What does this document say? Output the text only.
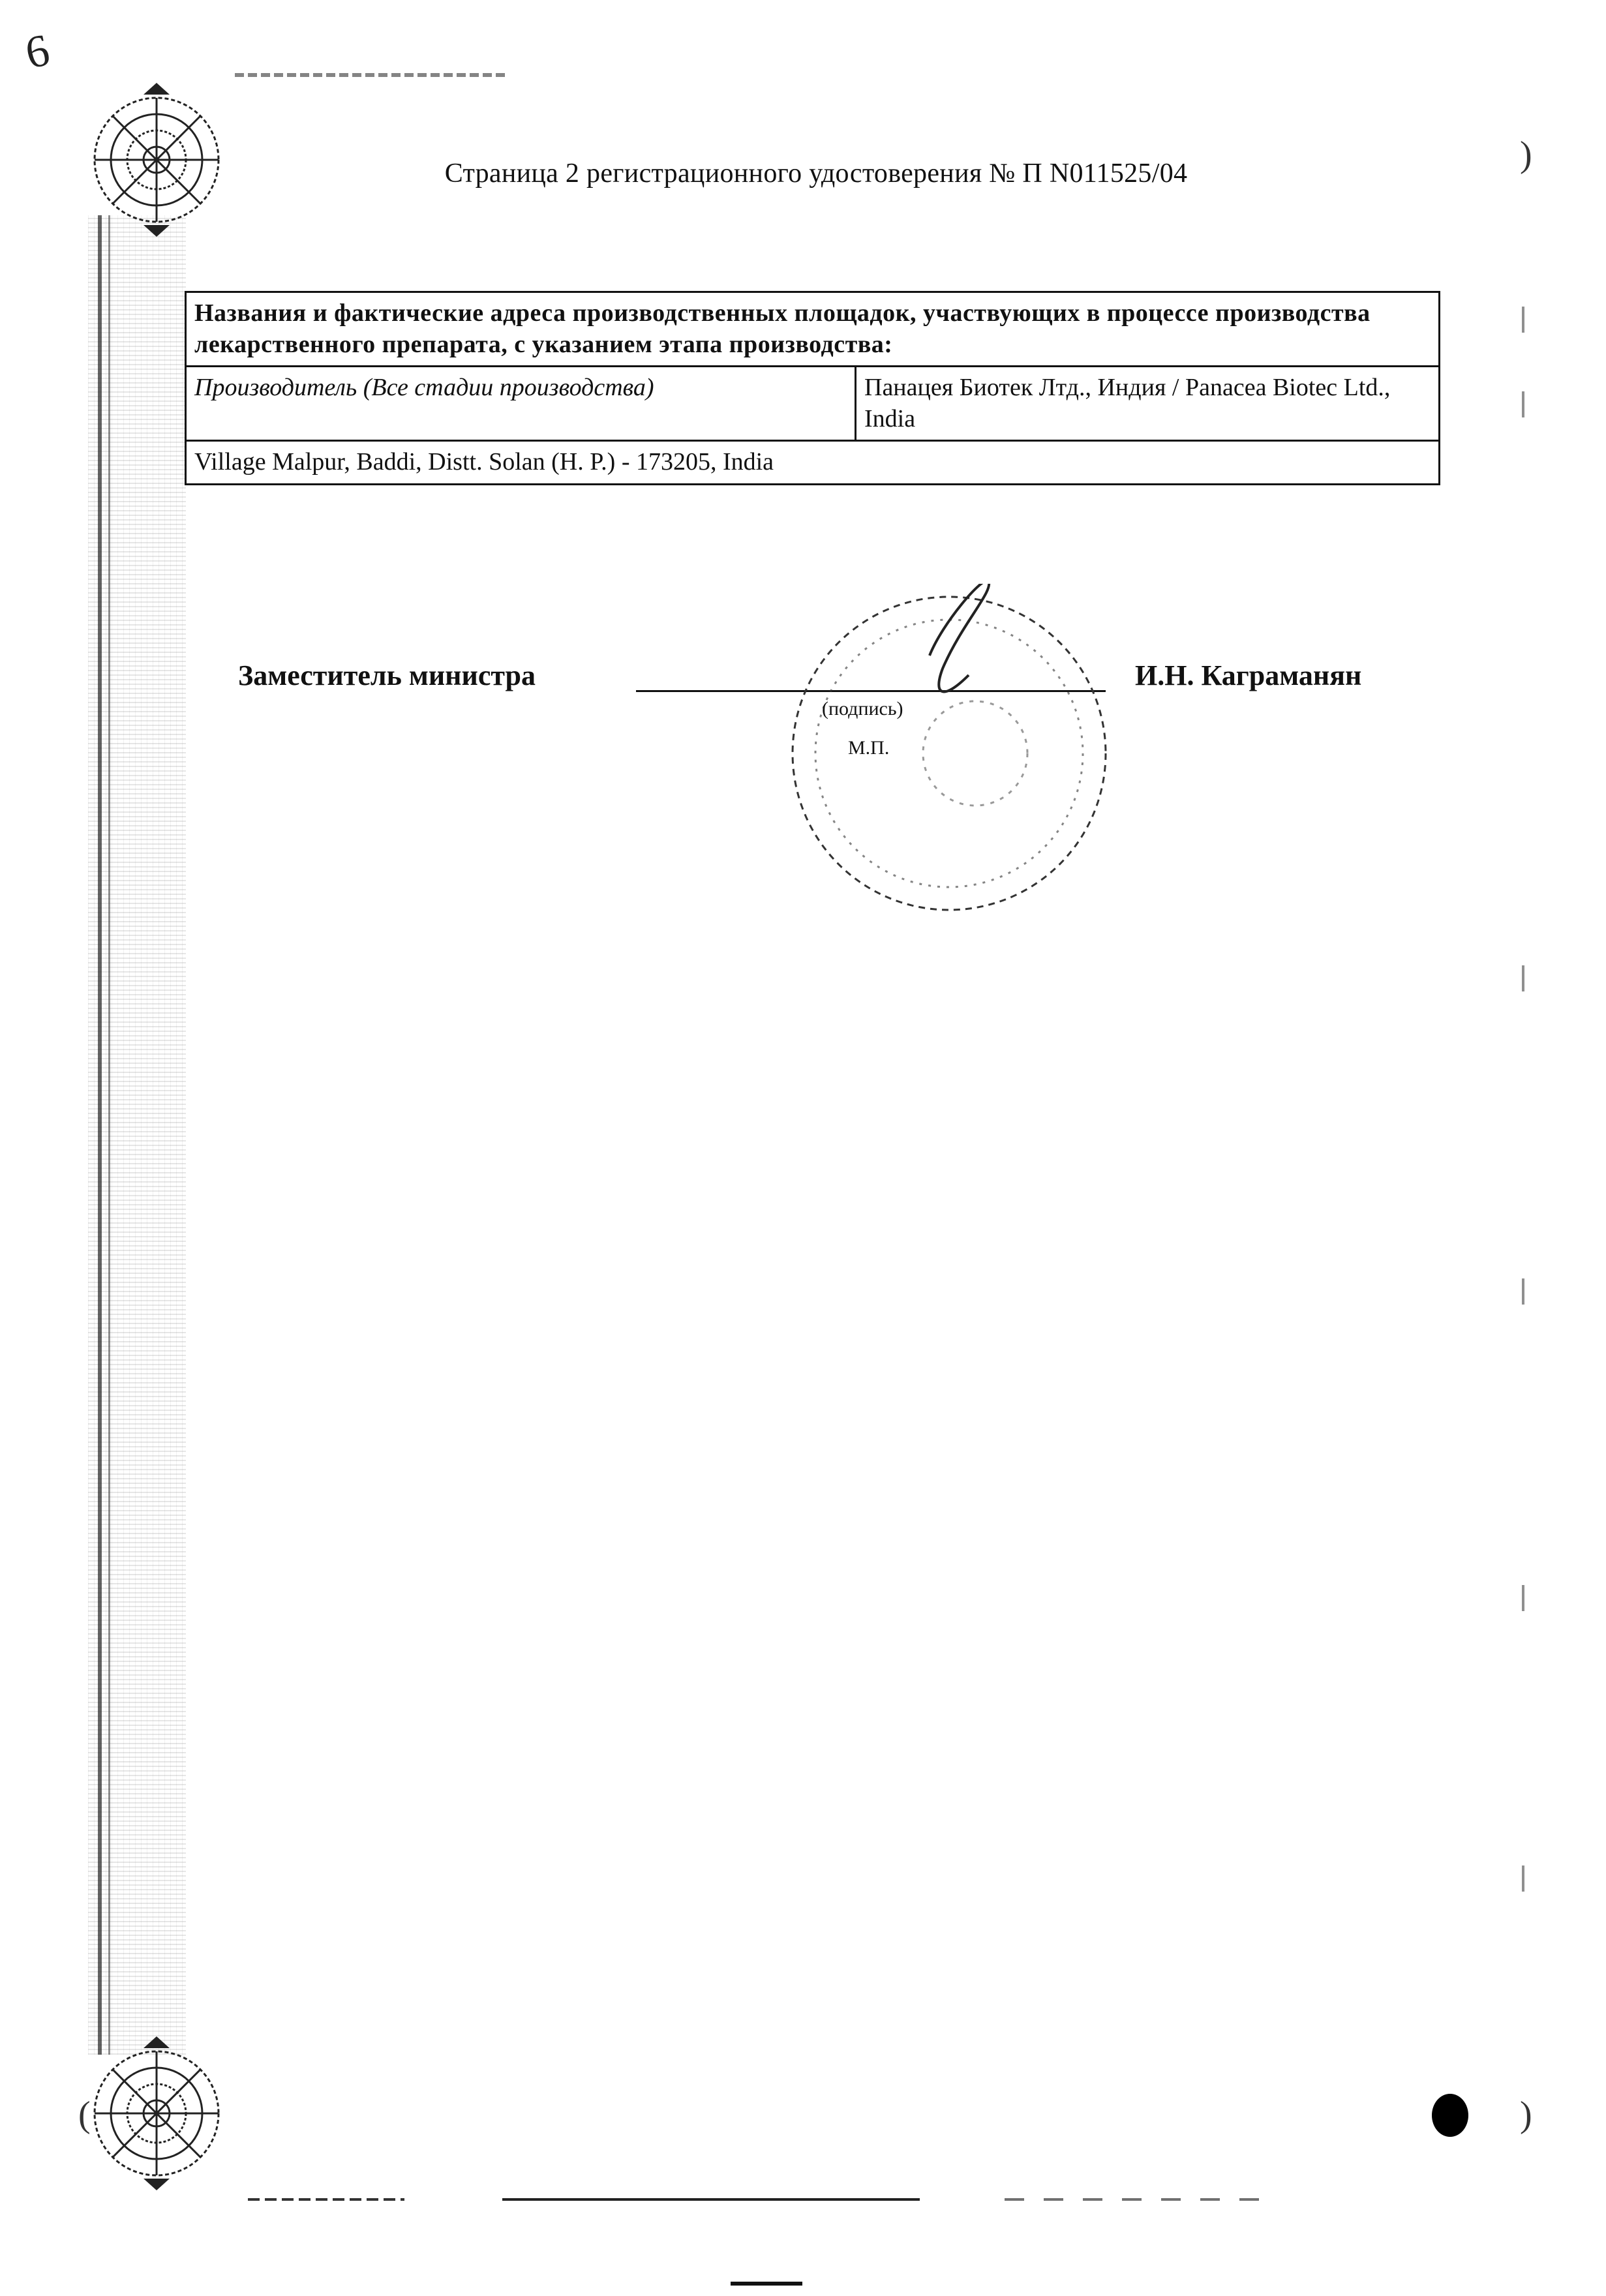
6
)
)
(
Страница 2 регистрационного удостоверения № П N011525/04
Названия и фактические адреса производственных площадок, участвующих в процессе производства лекарственного препарата, с указанием этапа производства:
Производитель (Все стадии производства)	Панацея Биотек Лтд., Индия / Panacea Biotec Ltd., India
Village Malpur, Baddi, Distt. Solan (H. P.) - 173205, India
Заместитель министра	И.Н. Каграманян
(подпись)
М.П.
